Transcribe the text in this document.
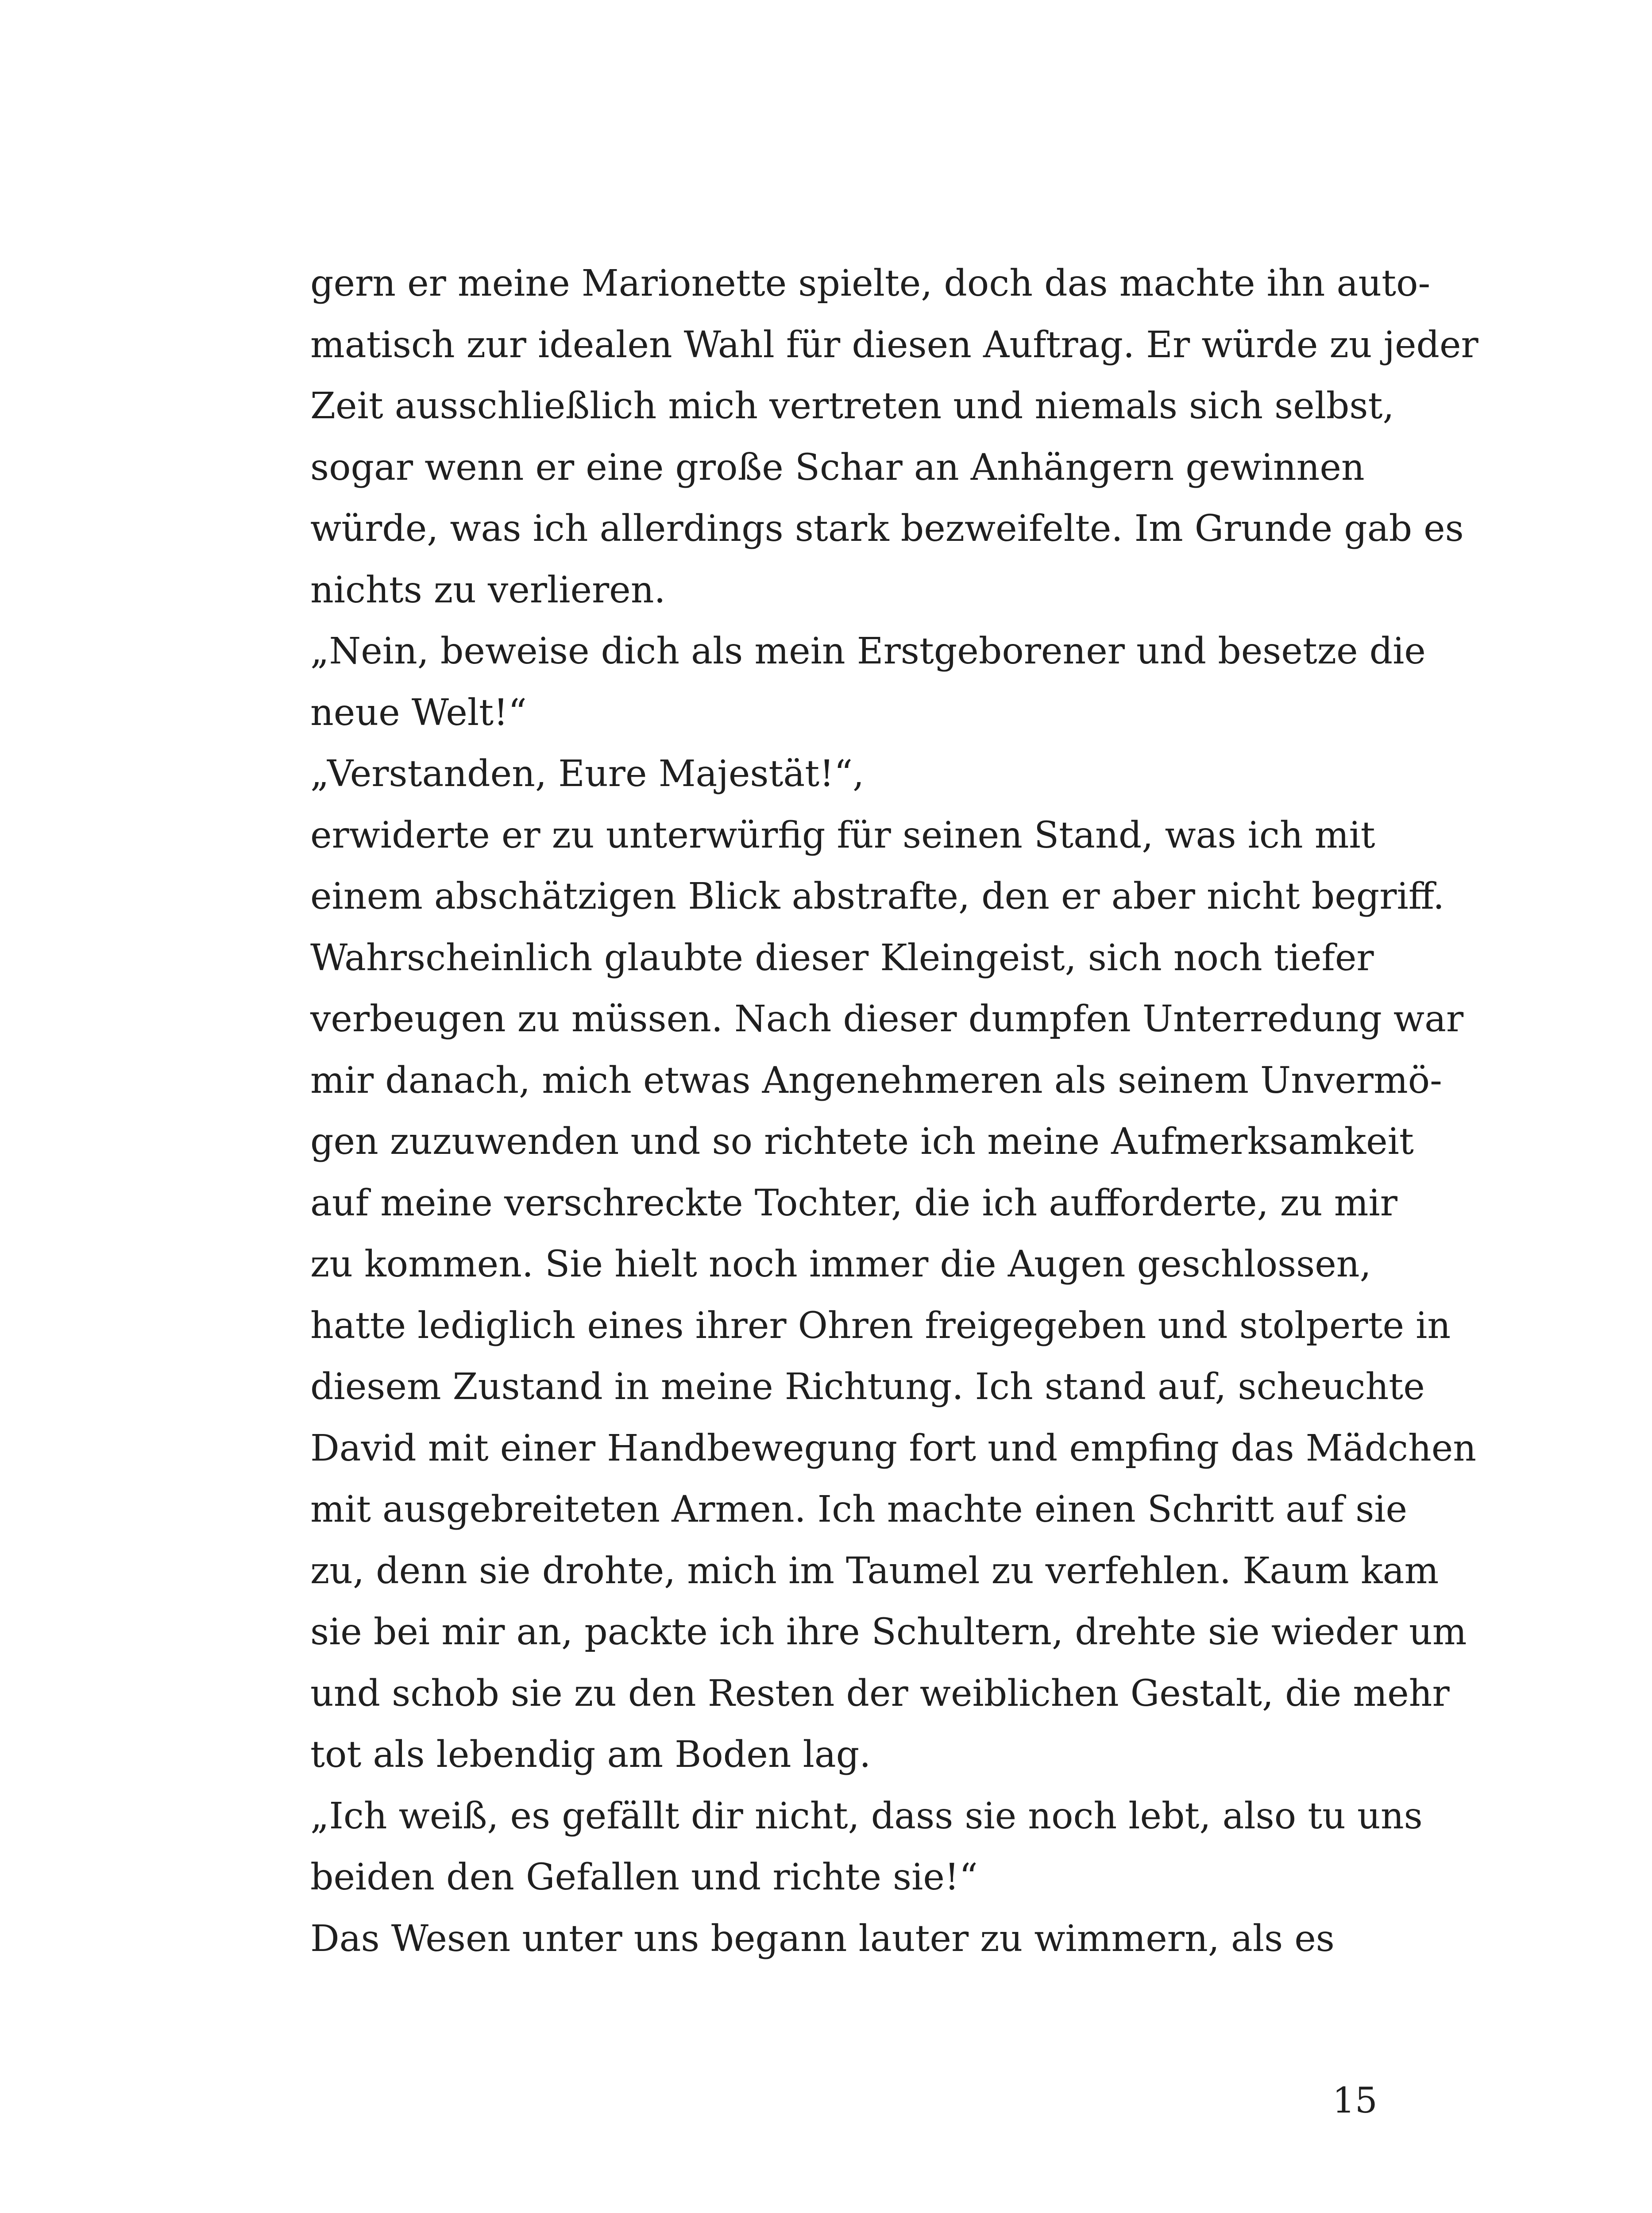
gern er meine Marionette spielte, doch das machte ihn auto-
matisch zur idealen Wahl für diesen Auftrag. Er würde zu jeder
Zeit ausschließlich mich vertreten und niemals sich selbst,
sogar wenn er eine große Schar an Anhängern gewinnen
würde, was ich allerdings stark bezweifelte. Im Grunde gab es
nichts zu verlieren.
„Nein, beweise dich als mein Erstgeborener und besetze die
neue Welt!“
„Verstanden, Eure Majestät!“,
erwiderte er zu unterwürfig für seinen Stand, was ich mit
einem abschätzigen Blick abstrafte, den er aber nicht begriff.
Wahrscheinlich glaubte dieser Kleingeist, sich noch tiefer
verbeugen zu müssen. Nach dieser dumpfen Unterredung war
mir danach, mich etwas Angenehmeren als seinem Unvermö-
gen zuzuwenden und so richtete ich meine Aufmerksamkeit
auf meine verschreckte Tochter, die ich aufforderte, zu mir
zu kommen. Sie hielt noch immer die Augen geschlossen,
hatte lediglich eines ihrer Ohren freigegeben und stolperte in
diesem Zustand in meine Richtung. Ich stand auf, scheuchte
David mit einer Handbewegung fort und empfing das Mädchen
mit ausgebreiteten Armen. Ich machte einen Schritt auf sie
zu, denn sie drohte, mich im Taumel zu verfehlen. Kaum kam
sie bei mir an, packte ich ihre Schultern, drehte sie wieder um
und schob sie zu den Resten der weiblichen Gestalt, die mehr
tot als lebendig am Boden lag.
„Ich weiß, es gefällt dir nicht, dass sie noch lebt, also tu uns
beiden den Gefallen und richte sie!“
Das Wesen unter uns begann lauter zu wimmern, als es
15
